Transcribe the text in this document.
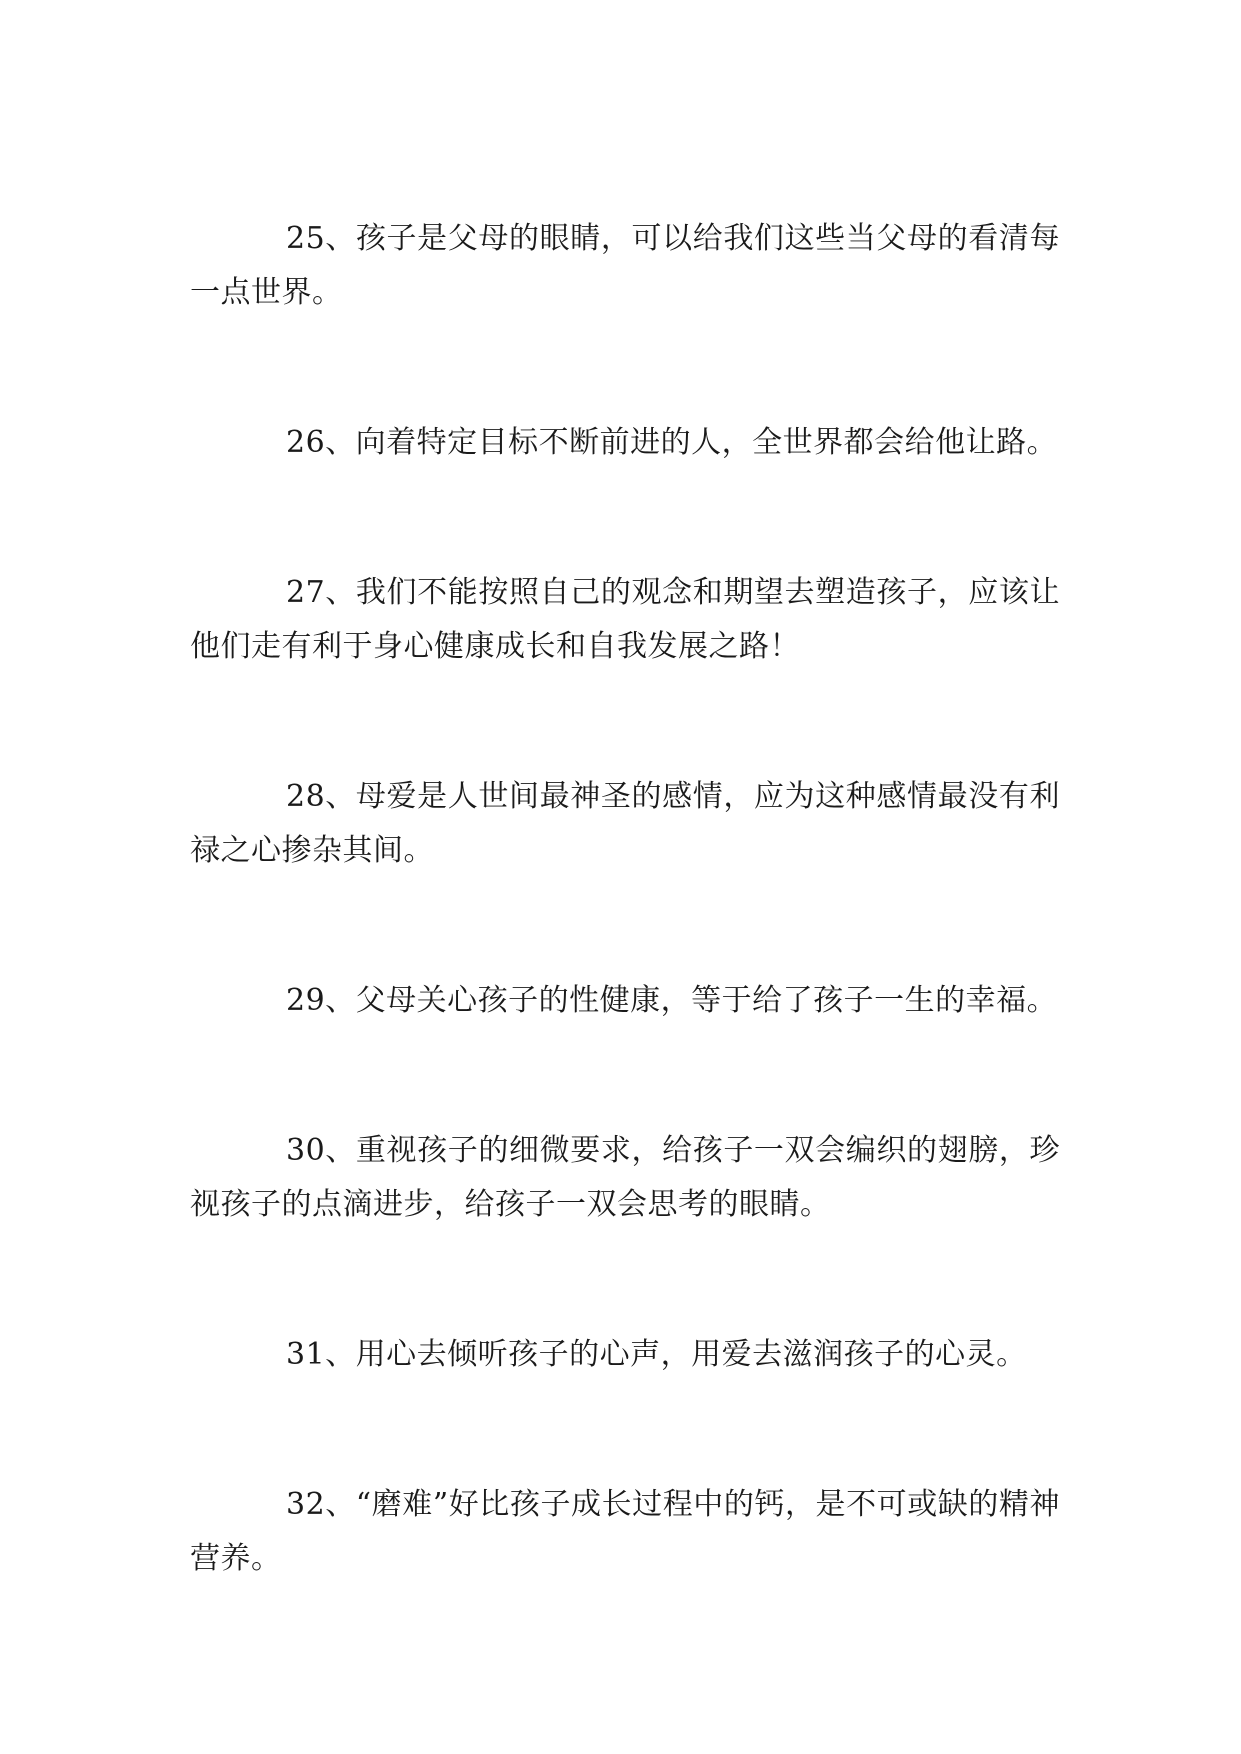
25、孩子是父母的眼睛，可以给我们这些当父母的看清每一点世界。

26、向着特定目标不断前进的人，全世界都会给他让路。

27、我们不能按照自己的观念和期望去塑造孩子，应该让他们走有利于身心健康成长和自我发展之路！

28、母爱是人世间最神圣的感情，应为这种感情最没有利禄之心掺杂其间。

29、父母关心孩子的性健康，等于给了孩子一生的幸福。

30、重视孩子的细微要求，给孩子一双会编织的翅膀，珍视孩子的点滴进步，给孩子一双会思考的眼睛。

31、用心去倾听孩子的心声，用爱去滋润孩子的心灵。

32、“磨难”好比孩子成长过程中的钙，是不可或缺的精神营养。
